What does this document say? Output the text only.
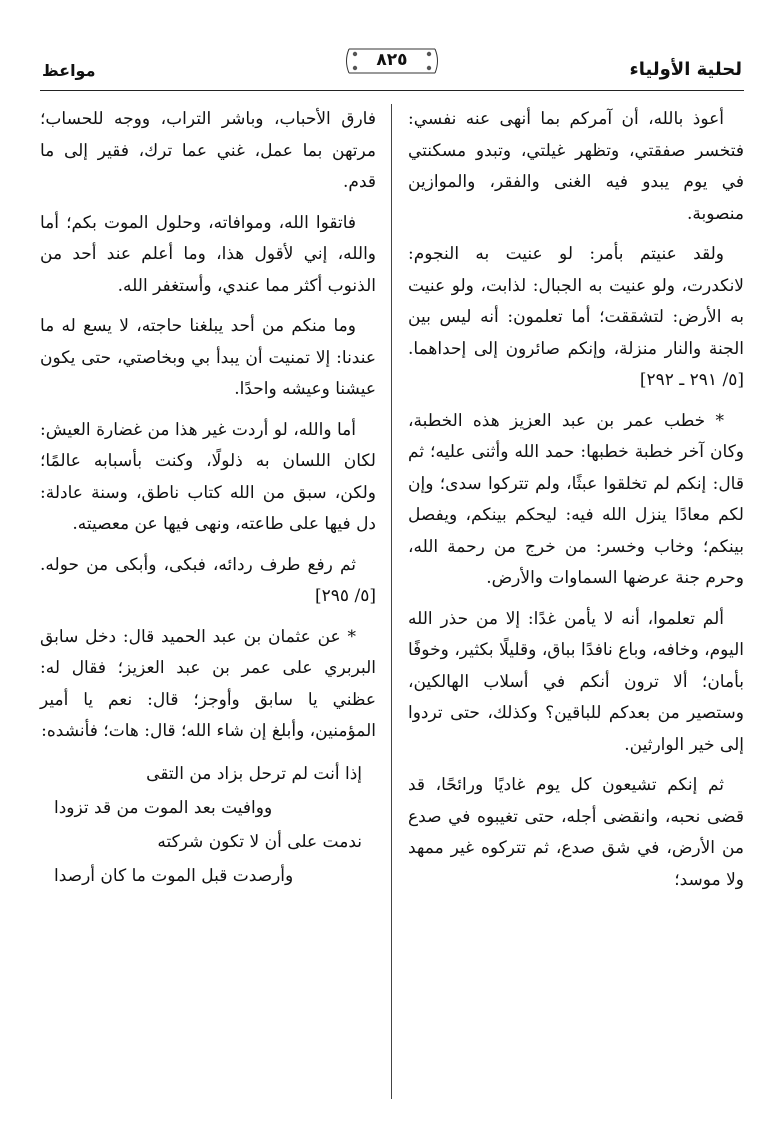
لحلية الأولياء
٨٢٥
مواعظ

أعوذ بالله، أن آمركم بما أنهى عنه نفسي: فتخسر صفقتي، وتظهر غيلتي، وتبدو مسكنتي في يوم يبدو فيه الغنى والفقر، والموازين منصوبة.

ولقد عنيتم بأمر: لو عنيت به النجوم: لانكدرت، ولو عنيت به الجبال: لذابت، ولو عنيت به الأرض: لتشققت؛ أما تعلمون: أنه ليس بين الجنة والنار منزلة، وإنكم صائرون إلى إحداهما. [٥/ ٢٩١ ـ ٢٩٢]

* خطب عمر بن عبد العزيز هذه الخطبة، وكان آخر خطبة خطبها: حمد الله وأثنى عليه؛ ثم قال: إنكم لم تخلقوا عبثًا، ولم تتركوا سدى؛ وإن لكم معادًا ينزل الله فيه: ليحكم بينكم، ويفصل بينكم؛ وخاب وخسر: من خرج من رحمة الله، وحرم جنة عرضها السماوات والأرض.

ألم تعلموا، أنه لا يأمن غدًا: إلا من حذر الله اليوم، وخافه، وباع نافدًا بباق، وقليلًا بكثير، وخوفًا بأمان؛ ألا ترون أنكم في أسلاب الهالكين، وستصير من بعدكم للباقين؟ وكذلك، حتى تردوا إلى خير الوارثين.

ثم إنكم تشيعون كل يوم غاديًا ورائحًا، قد قضى نحبه، وانقضى أجله، حتى تغيبوه في صدع من الأرض، في شق صدع، ثم تتركوه غير ممهد ولا موسد؛

فارق الأحباب، وباشر التراب، ووجه للحساب؛ مرتهن بما عمل، غني عما ترك، فقير إلى ما قدم.

فاتقوا الله، وموافاته، وحلول الموت بكم؛ أما والله، إني لأقول هذا، وما أعلم عند أحد من الذنوب أكثر مما عندي، وأستغفر الله.

وما منكم من أحد يبلغنا حاجته، لا يسع له ما عندنا: إلا تمنيت أن يبدأ بي وبخاصتي، حتى يكون عيشنا وعيشه واحدًا.

أما والله، لو أردت غير هذا من غضارة العيش: لكان اللسان به ذلولًا، وكنت بأسبابه عالمًا؛ ولكن، سبق من الله كتاب ناطق، وسنة عادلة: دل فيها على طاعته، ونهى فيها عن معصيته.

ثم رفع طرف ردائه، فبكى، وأبكى من حوله. [٥/ ٢٩٥]

* عن عثمان بن عبد الحميد قال: دخل سابق البربري على عمر بن عبد العزيز؛ فقال له: عظني يا سابق وأوجز؛ قال: نعم يا أمير المؤمنين، وأبلغ إن شاء الله؛ قال: هات؛ فأنشده:

إذا أنت لم ترحل بزاد من التقى
ووافيت بعد الموت من قد تزودا
ندمت على أن لا تكون شركته
وأرصدت قبل الموت ما كان أرصدا
